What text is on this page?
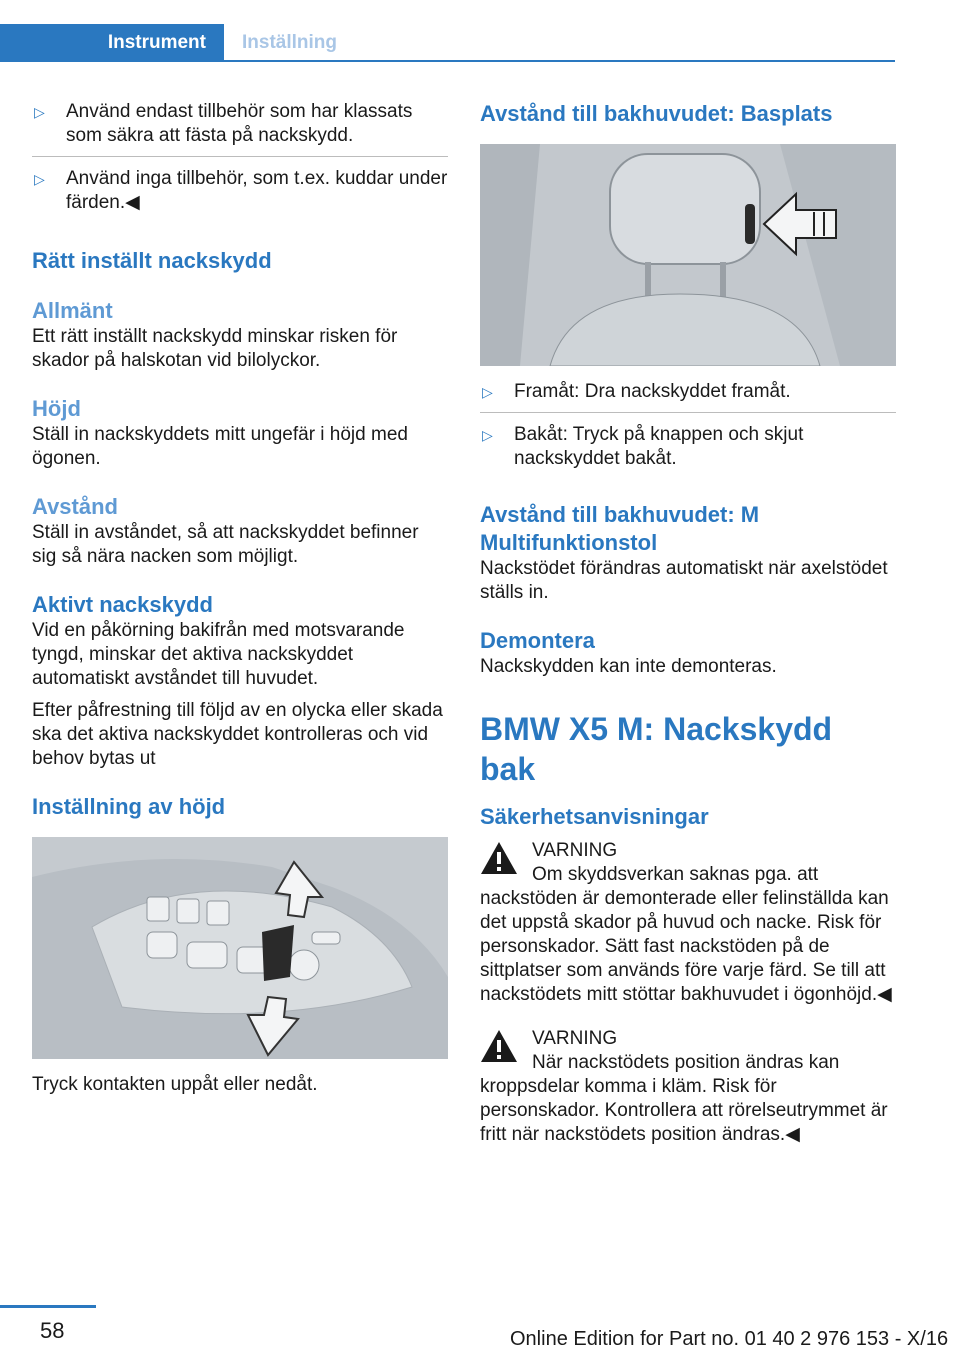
Instrument	Inställning
▷ Använd endast tillbehör som har klassats som säkra att fästa på nackskydd.
▷ Använd inga tillbehör, som t.ex. kuddar under färden.◀
Rätt inställt nackskydd
Allmänt
Ett rätt inställt nackskydd minskar risken för skador på halskotan vid bilolyckor.
Höjd
Ställ in nackskyddets mitt ungefär i höjd med ögonen.
Avstånd
Ställ in avståndet, så att nackskyddet befinner sig så nära nacken som möjligt.
Aktivt nackskydd
Vid en påkörning bakifrån med motsvarande tyngd, minskar det aktiva nackskyddet automatiskt avståndet till huvudet.
Efter påfrestning till följd av en olycka eller skada ska det aktiva nackskyddet kontrolleras och vid behov bytas ut
Inställning av höjd
Tryck kontakten uppåt eller nedåt.
Avstånd till bakhuvudet: Basplats
▷ Framåt: Dra nackskyddet framåt.
▷ Bakåt: Tryck på knappen och skjut nackskyddet bakåt.
Avstånd till bakhuvudet: M Multifunktionstol
Nackstödet förändras automatiskt när axelstödet ställs in.
Demontera
Nackskydden kan inte demonteras.
BMW X5 M: Nackskydd bak
Säkerhetsanvisningar
VARNING
Om skyddsverkan saknas pga. att nackstöden är demonterade eller felinställda kan det uppstå skador på huvud och nacke. Risk för personskador. Sätt fast nackstöden på de sittplatser som används före varje färd. Se till att nackstödets mitt stöttar bakhuvudet i ögonhöjd.◀
VARNING
När nackstödets position ändras kan kroppsdelar komma i kläm. Risk för personskador. Kontrollera att rörelseutrymmet är fritt när nackstödets position ändras.◀
58	Online Edition for Part no. 01 40 2 976 153 - X/16
